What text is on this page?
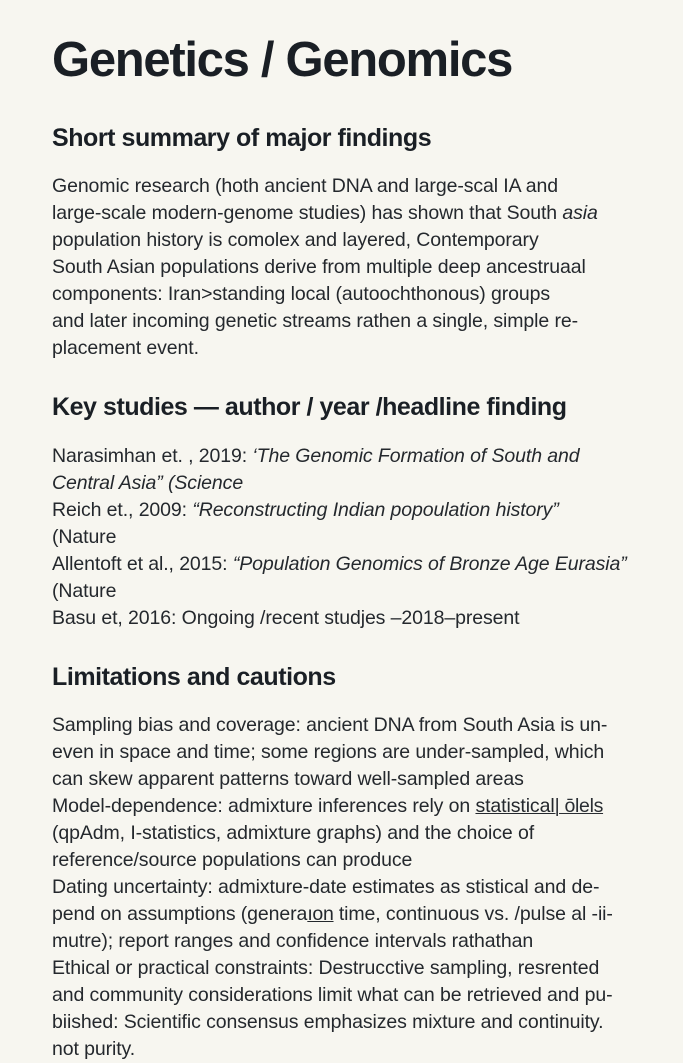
Genetics / Genomics
Short summary of major findings
Genomic research (hoth ancient DNA and large-scal IA and
large-scale modern-genome studies) has shown that South asia
population history is comolex and layered, Contemporary
South Asian populations derive from multiple deep ancestruaal
components: Iran>standing local (autoochthonous) groups
and later incoming genetic streams rathen a single, simple re-
placement event.
Key studies — author / year /headline finding
Narasimhan et. , 2019: ‘The Genomic Formation of South and
Central Asia” (Science
Reich et., 2009: “Reconstructing Indian popoulation history”
(Nature
Allentoft et al., 2015: “Population Genomics of Bronze Age Eurasia”
(Nature
Basu et, 2016: Ongoing /recent studjes –2018–present
Limitations and cautions
Sampling bias and coverage: ancient DNA from South Asia is un-
even in space and time; some regions are under-sampled, which
can skew apparent patterns toward well-sampled areas
Model-dependence: admixture inferences rely on statistical| ōlels
(qpAdm, I-statistics, admixture graphs) and the choice of
reference/source populations can produce
Dating uncertainty: admixture-date estimates as stistical and de-
pend on assumptions (generaıon time, continuous vs. /pulse al -ii-
mutre); report ranges and confidence intervals rathathan
Ethical or practical constraints: Destrucctive sampling, resrented
and community considerations limit what can be retrieved and pu-
biished: Scientific consensus emphasizes mixture and continuity.
not purity.
